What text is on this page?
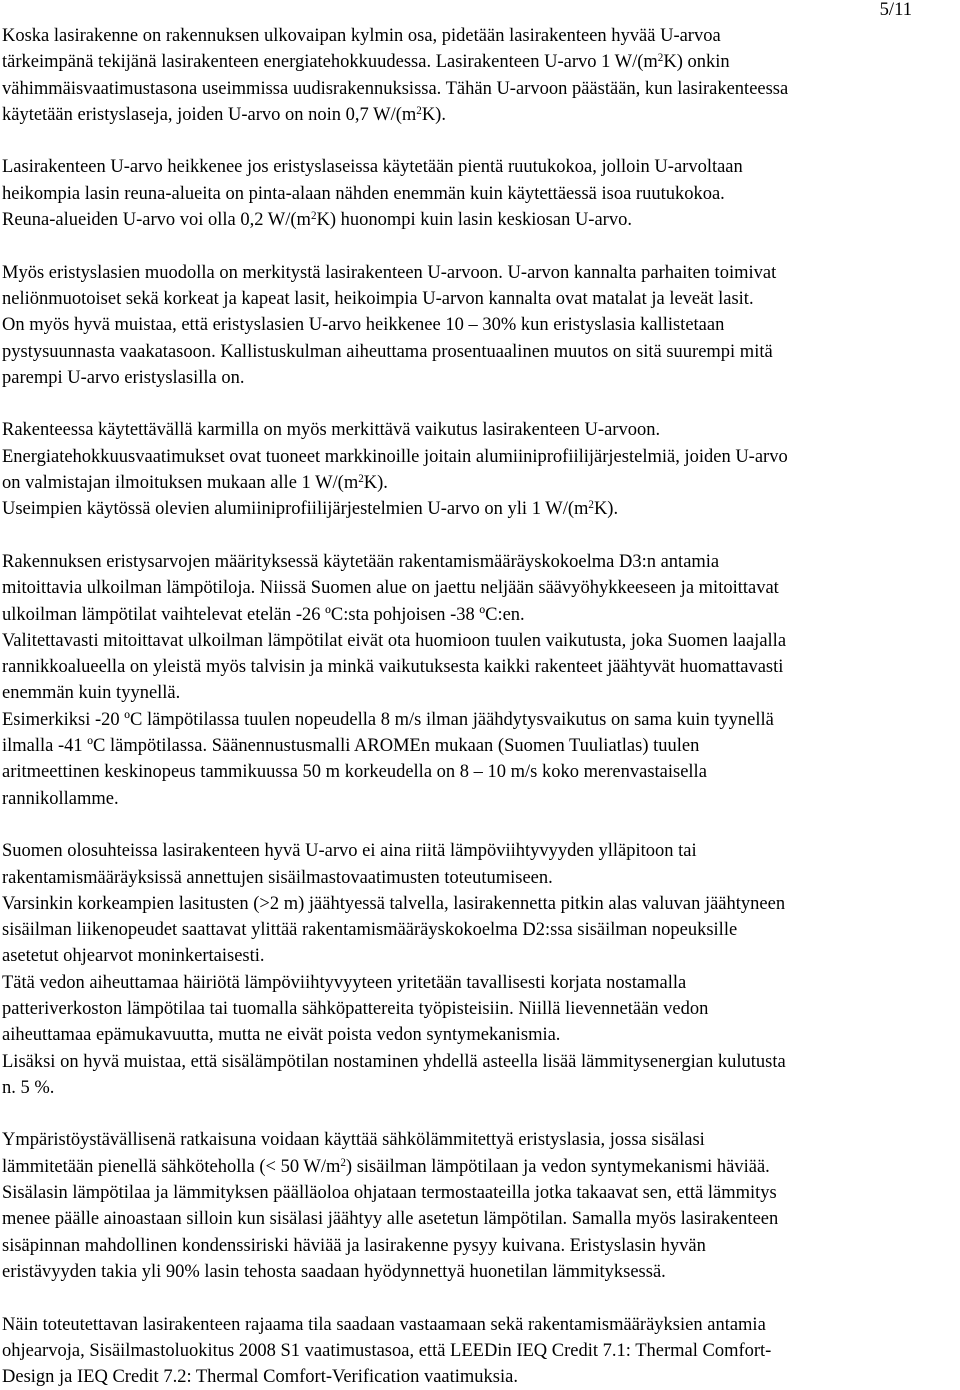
5/11

Koska lasirakenne on rakennuksen ulkovaipan kylmin osa, pidetään lasirakenteen hyvää U-arvoa
tärkeimpänä tekijänä lasirakenteen energiatehokkuudessa. Lasirakenteen U-arvo 1 $W/(m^2K)$ onkin
vähimmäisvaatimustasona useimmissa uudisrakennuksissa. Tähän U-arvoon päästään, kun lasirakenteessa
käytetään eristyslaseja, joiden U-arvo on noin 0,7 $W/(m^2K)$.

Lasirakenteen U-arvo heikkenee jos eristyslaseissa käytetään pientä ruutukokoa, jolloin U-arvoltaan
heikompia lasin reuna-alueita on pinta-alaan nähden enemmän kuin käytettäessä isoa ruutukokoa.
Reuna-alueiden U-arvo voi olla 0,2 $W/(m^2K)$ huonompi kuin lasin keskiosan U-arvo.

Myös eristyslasien muodolla on merkitystä lasirakenteen U-arvoon. U-arvon kannalta parhaiten toimivat
neliönmuotoiset sekä korkeat ja kapeat lasit, heikoimpia U-arvon kannalta ovat matalat ja leveät lasit.
On myös hyvä muistaa, että eristyslasien U-arvo heikkenee 10 – 30% kun eristyslasia kallistetaan
pystysuunnasta vaakatasoon. Kallistuskulman aiheuttama prosentuaalinen muutos on sitä suurempi mitä
parempi U-arvo eristyslasilla on.

Rakenteessa käytettävällä karmilla on myös merkittävä vaikutus lasirakenteen U-arvoon.
Energiatehokkuusvaatimukset ovat tuoneet markkinoille joitain alumiiniprofiilijärjestelmiä, joiden U-arvo
on valmistajan ilmoituksen mukaan alle 1 $W/(m^2K)$.
Useimpien käytössä olevien alumiiniprofiilijärjestelmien U-arvo on yli 1 $W/(m^2K)$.

Rakennuksen eristysarvojen määrityksessä käytetään rakentamismääräyskokoelma D3:n antamia
mitoittavia ulkoilman lämpötiloja. Niissä Suomen alue on jaettu neljään säävyöhykkeeseen ja mitoittavat
ulkoilman lämpötilat vaihtelevat etelän -26 ºC:sta pohjoisen -38 ºC:en.
Valitettavasti mitoittavat ulkoilman lämpötilat eivät ota huomioon tuulen vaikutusta, joka Suomen laajalla
rannikkoalueella on yleistä myös talvisin ja minkä vaikutuksesta kaikki rakenteet jäähtyvät huomattavasti
enemmän kuin tyynellä.
Esimerkiksi -20 ºC lämpötilassa tuulen nopeudella 8 m/s ilman jäähdytysvaikutus on sama kuin tyynellä
ilmalla -41 ºC lämpötilassa. Säänennustusmalli AROMEn mukaan (Suomen Tuuliatlas) tuulen
aritmeettinen keskinopeus tammikuussa 50 m korkeudella on 8 – 10 m/s koko merenvastaisella
rannikollamme.

Suomen olosuhteissa lasirakenteen hyvä U-arvo ei aina riitä lämpöviihtyvyyden ylläpitoon tai
rakentamismääräyksissä annettujen sisäilmastovaatimusten toteutumiseen.
Varsinkin korkeampien lasitusten (>2 m) jäähtyessä talvella, lasirakennetta pitkin alas valuvan jäähtyneen
sisäilman liikenopeudet saattavat ylittää rakentamismääräyskokoelma D2:ssa sisäilman nopeuksille
asetetut ohjearvot moninkertaisesti.
Tätä vedon aiheuttamaa häiriötä lämpöviihtyvyyteen yritetään tavallisesti korjata nostamalla
patteriverkoston lämpötilaa tai tuomalla sähköpattereita työpisteisiin. Niillä lievennetään vedon
aiheuttamaa epämukavuutta, mutta ne eivät poista vedon syntymekanismia.
Lisäksi on hyvä muistaa, että sisälämpötilan nostaminen yhdellä asteella lisää lämmitysenergian kulutusta
n. 5 %.

Ympäristöystävällisenä ratkaisuna voidaan käyttää sähkölämmitettyä eristyslasia, jossa sisälasi
lämmitetään pienellä sähköteholla (< 50 $W/m^2$) sisäilman lämpötilaan ja vedon syntymekanismi häviää.
Sisälasin lämpötilaa ja lämmityksen päälläoloa ohjataan termostaateilla jotka takaavat sen, että lämmitys
menee päälle ainoastaan silloin kun sisälasi jäähtyy alle asetetun lämpötilan. Samalla myös lasirakenteen
sisäpinnan mahdollinen kondenssiriski häviää ja lasirakenne pysyy kuivana. Eristyslasin hyvän
eristävyyden takia yli 90% lasin tehosta saadaan hyödynnettyä huonetilan lämmityksessä.

Näin toteutettavan lasirakenteen rajaama tila saadaan vastaamaan sekä rakentamismääräyksien antamia
ohjearvoja, Sisäilmastoluokitus 2008 S1 vaatimustasoa, että LEEDin IEQ Credit 7.1: Thermal Comfort-
Design ja IEQ Credit 7.2: Thermal Comfort-Verification vaatimuksia.
